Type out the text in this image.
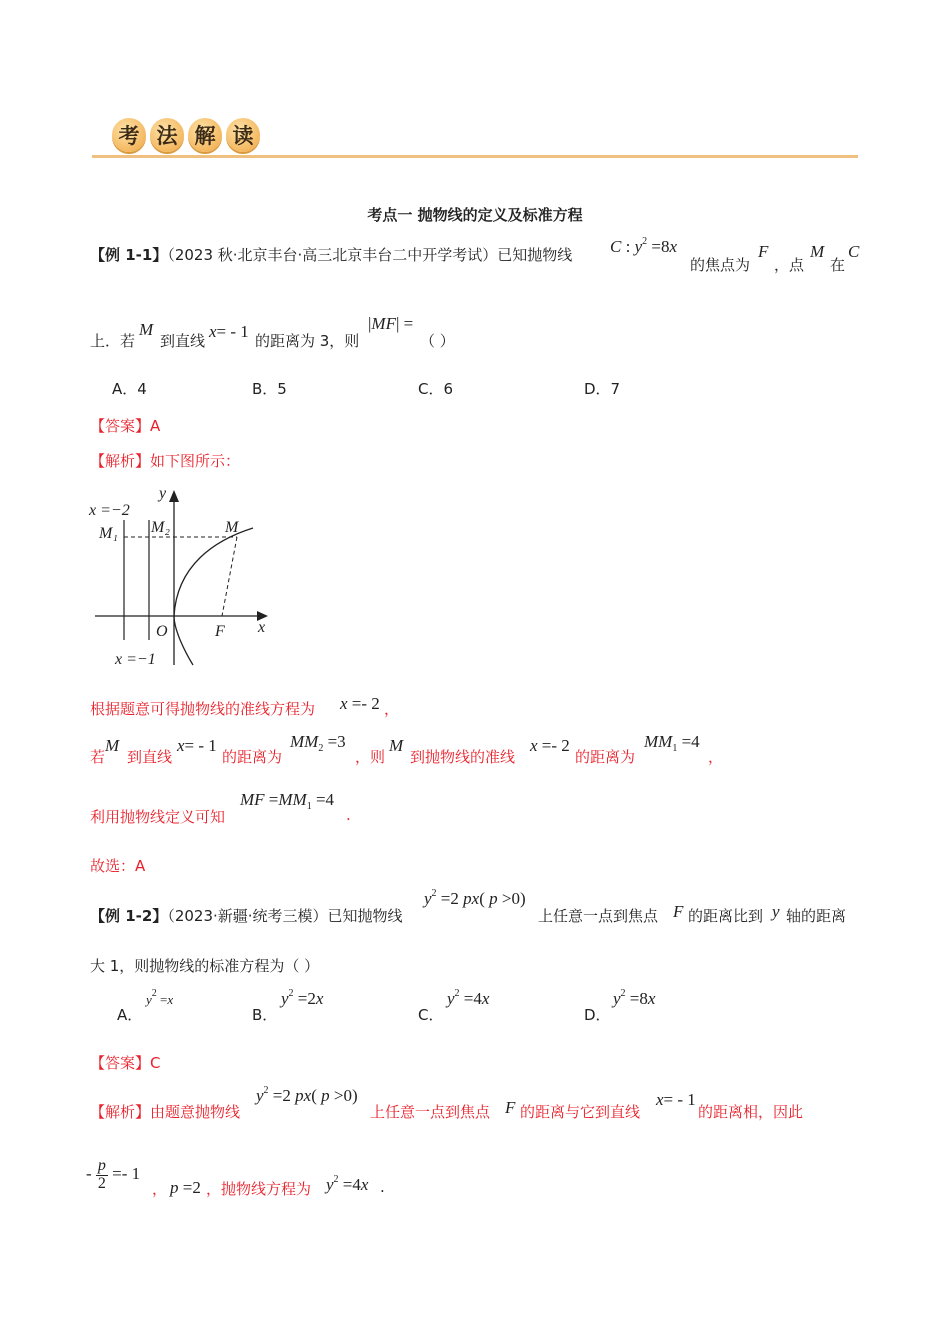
考 法 解 读
考点一 抛物线的定义及标准方程
【例 1-1】（2023 秋·北京丰台·高三北京丰台二中开学考试）已知抛物线 C : $y^2 =8x$
的焦点为
F
，点
M
在
C
上．若
M
到直线 x= - 1 的距离为 3，则
|MF| =
（ ）
A．4	B．5	C．6	D．7
【答案】A
【解析】如下图所示：
x =−2
M₁ M₂	M
y
O	F x
x =−1
根据题意可得抛物线的准线方程为 x =- 2 ，
若
M
到直线
x= - 1
的距离为
$MM_2 =3$
，则
M
到抛物线的准线
x =- 2
的距离为
$MM_1 =4$
，
利用抛物线定义可知
MF $=MM_1 =4$
.
故选：A
【例 1-2】（2023·新疆·统考三模）已知抛物线
$y^2 =2$ px( p >0)
上任意一点到焦点 F 的距离比到 y 轴的距离
大 1，则抛物线的标准方程为（ ）
A．
$y^2 =x$
B．
$y^2 =2x$
C．
$y^2 =4x$
D．
$y^2 =8x$
【答案】C
【解析】由题意抛物线
$y^2 =2$ px( p >0)
上任意一点到焦点 F 的距离与它到直线
x= - 1
的距离相，因此
- $\frac{p}{2} =- 1$
， p =2 ，抛物线方程为 $y^2 =4x$ .
